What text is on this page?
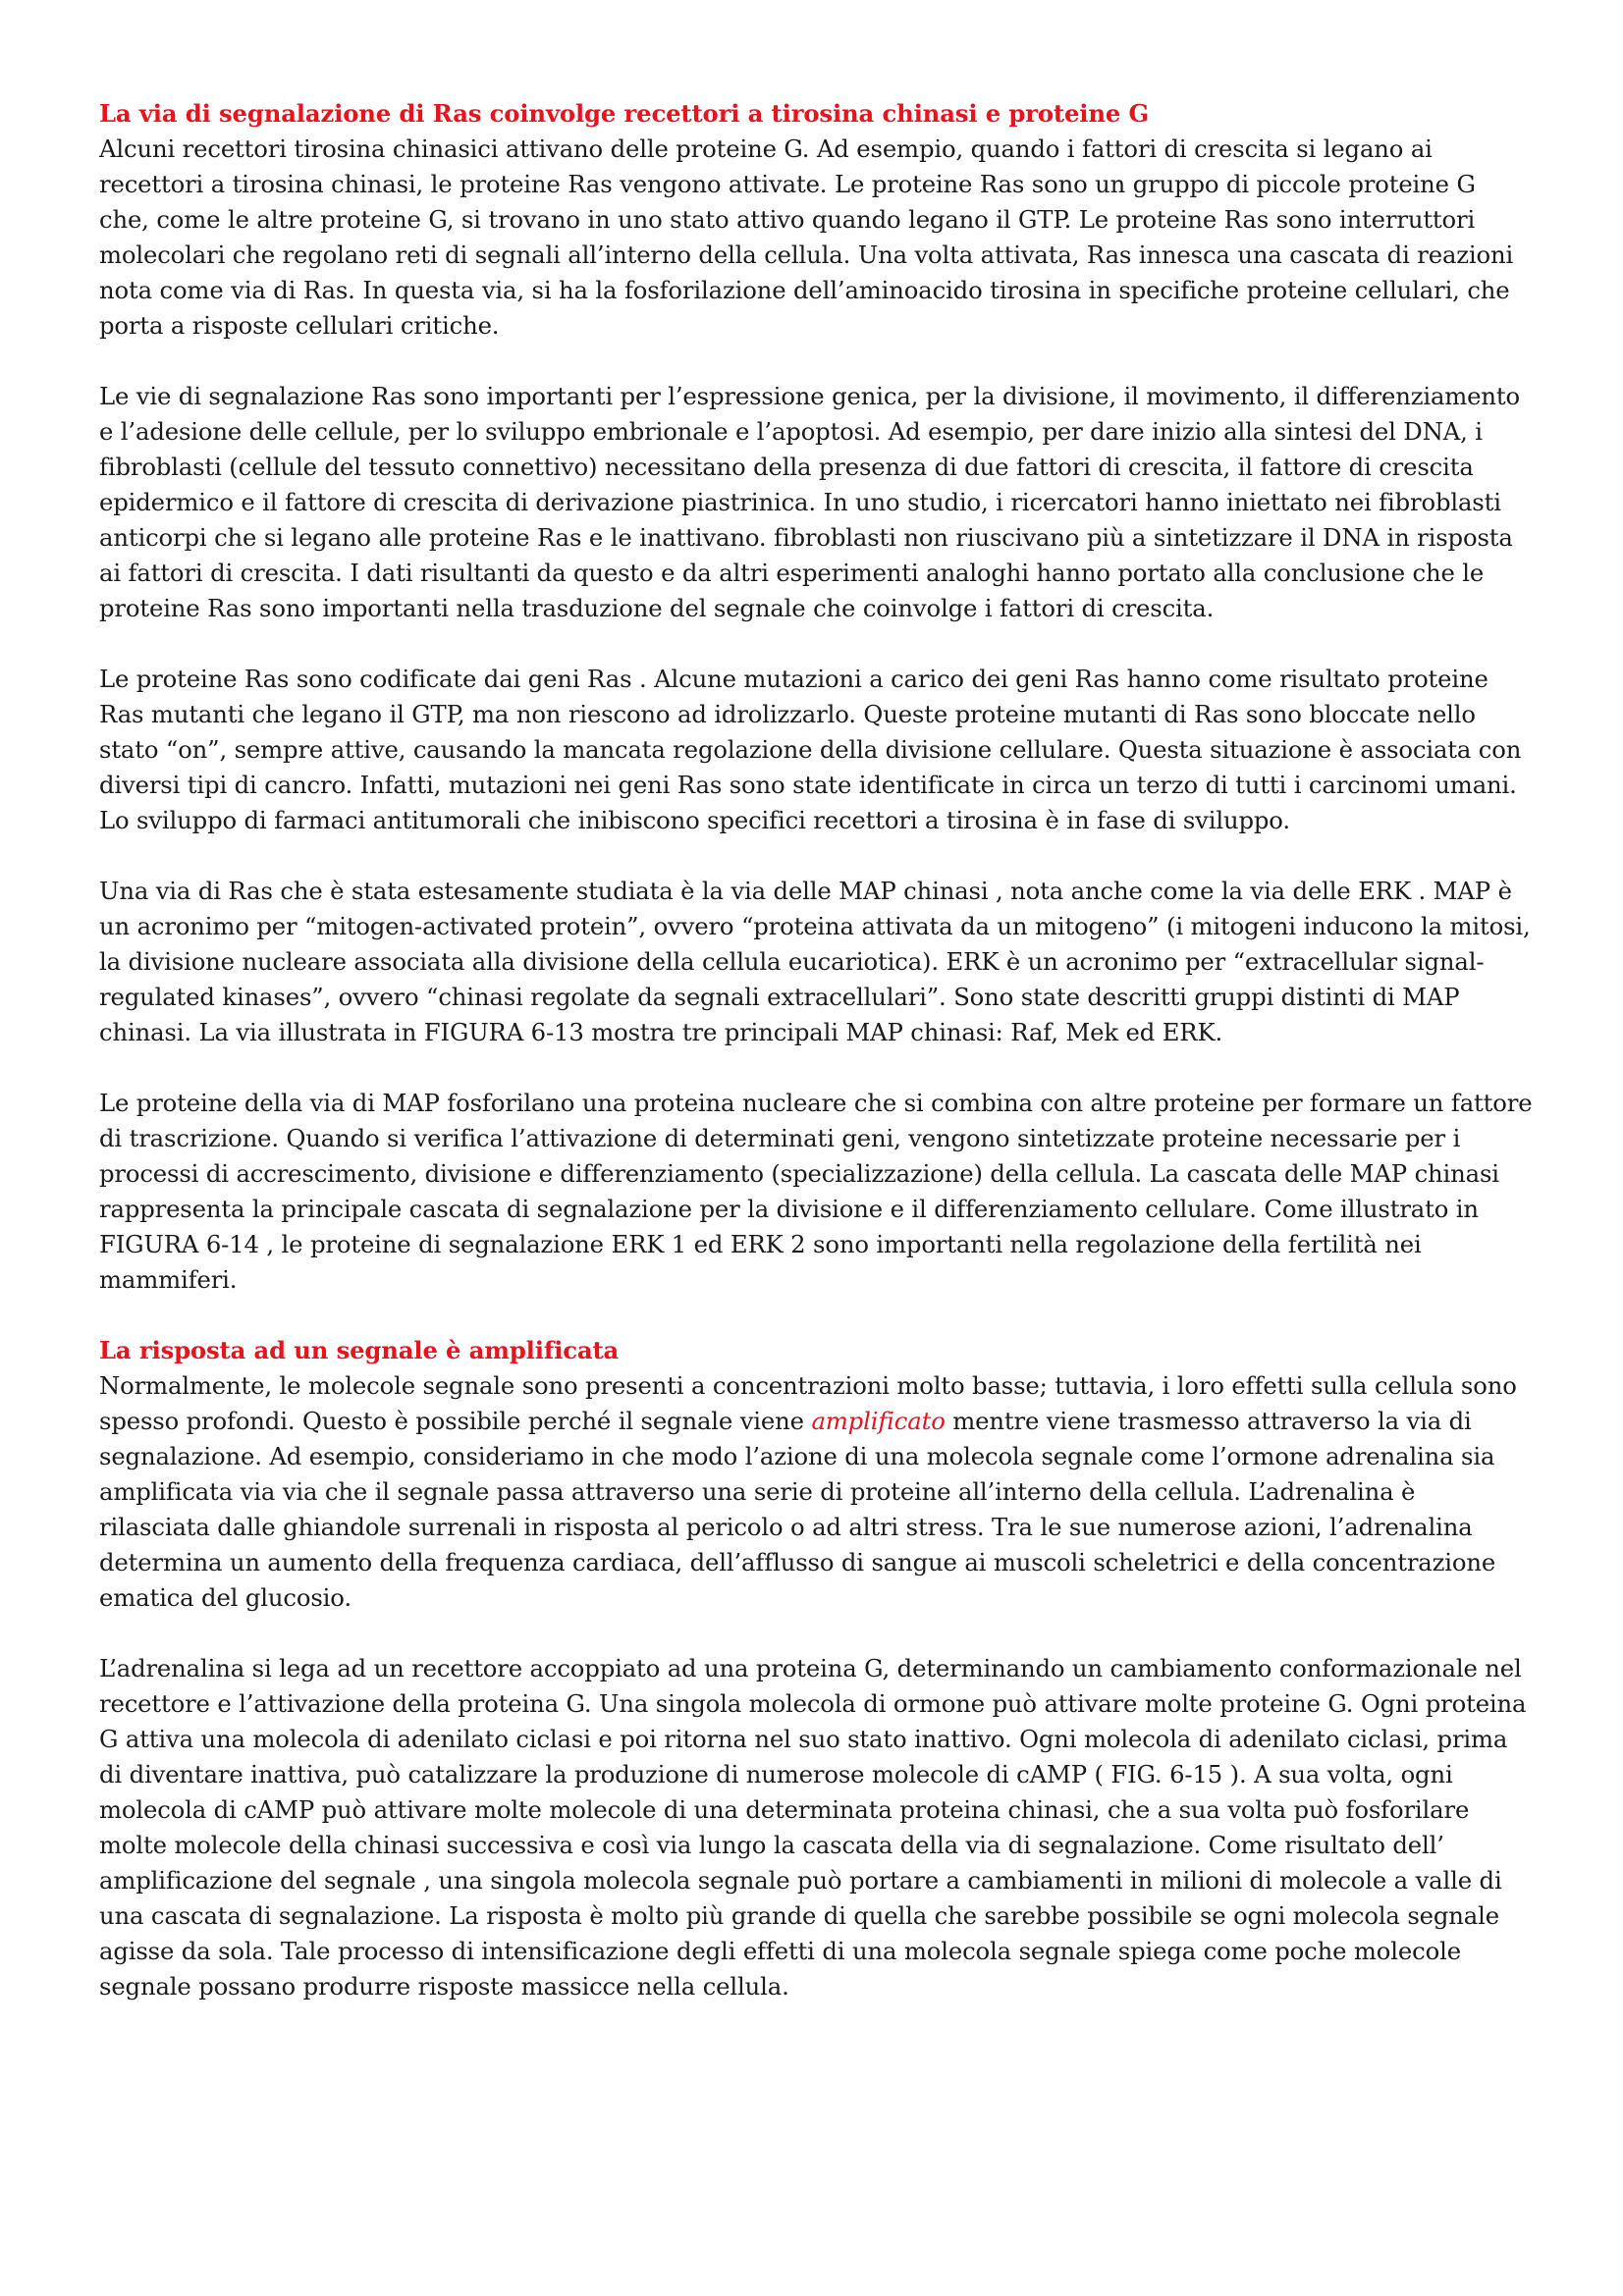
La via di segnalazione di Ras coinvolge recettori a tirosina chinasi e proteine G

Alcuni recettori tirosina chinasici attivano delle proteine G. Ad esempio, quando i fattori di crescita si legano ai recettori a tirosina chinasi, le proteine Ras vengono attivate. Le proteine Ras sono un gruppo di piccole proteine G che, come le altre proteine G, si trovano in uno stato attivo quando legano il GTP. Le proteine Ras sono interruttori molecolari che regolano reti di segnali all’interno della cellula. Una volta attivata, Ras innesca una cascata di reazioni nota come via di Ras. In questa via, si ha la fosforilazione dell’aminoacido tirosina in specifiche proteine cellulari, che porta a risposte cellulari critiche.

Le vie di segnalazione Ras sono importanti per l’espressione genica, per la divisione, il movimento, il differenziamento e l’adesione delle cellule, per lo sviluppo embrionale e l’apoptosi. Ad esempio, per dare inizio alla sintesi del DNA, i fibroblasti (cellule del tessuto connettivo) necessitano della presenza di due fattori di crescita, il fattore di crescita epidermico e il fattore di crescita di derivazione piastrinica. In uno studio, i ricercatori hanno iniettato nei fibroblasti anticorpi che si legano alle proteine Ras e le inattivano. fibroblasti non riuscivano più a sintetizzare il DNA in risposta ai fattori di crescita. I dati risultanti da questo e da altri esperimenti analoghi hanno portato alla conclusione che le proteine Ras sono importanti nella trasduzione del segnale che coinvolge i fattori di crescita.

Le proteine Ras sono codificate dai geni Ras . Alcune mutazioni a carico dei geni Ras hanno come risultato proteine Ras mutanti che legano il GTP, ma non riescono ad idrolizzarlo. Queste proteine mutanti di Ras sono bloccate nello stato “on”, sempre attive, causando la mancata regolazione della divisione cellulare. Questa situazione è associata con diversi tipi di cancro. Infatti, mutazioni nei geni Ras sono state identificate in circa un terzo di tutti i carcinomi umani. Lo sviluppo di farmaci antitumorali che inibiscono specifici recettori a tirosina è in fase di sviluppo.

Una via di Ras che è stata estesamente studiata è la via delle MAP chinasi , nota anche come la via delle ERK . MAP è un acronimo per “mitogen-activated protein”, ovvero “proteina attivata da un mitogeno” (i mitogeni inducono la mitosi, la divisione nucleare associata alla divisione della cellula eucariotica). ERK è un acronimo per “extracellular signal-regulated kinases”, ovvero “chinasi regolate da segnali extracellulari”. Sono state descritti gruppi distinti di MAP chinasi. La via illustrata in FIGURA 6-13 mostra tre principali MAP chinasi: Raf, Mek ed ERK.

Le proteine della via di MAP fosforilano una proteina nucleare che si combina con altre proteine per formare un fattore di trascrizione. Quando si verifica l’attivazione di determinati geni, vengono sintetizzate proteine necessarie per i processi di accrescimento, divisione e differenziamento (specializzazione) della cellula. La cascata delle MAP chinasi rappresenta la principale cascata di segnalazione per la divisione e il differenziamento cellulare. Come illustrato in FIGURA 6-14 , le proteine di segnalazione ERK 1 ed ERK 2 sono importanti nella regolazione della fertilità nei mammiferi.

La risposta ad un segnale è amplificata

Normalmente, le molecole segnale sono presenti a concentrazioni molto basse; tuttavia, i loro effetti sulla cellula sono spesso profondi. Questo è possibile perché il segnale viene amplificato mentre viene trasmesso attraverso la via di segnalazione. Ad esempio, consideriamo in che modo l’azione di una molecola segnale come l’ormone adrenalina sia amplificata via via che il segnale passa attraverso una serie di proteine all’interno della cellula. L’adrenalina è rilasciata dalle ghiandole surrenali in risposta al pericolo o ad altri stress. Tra le sue numerose azioni, l’adrenalina determina un aumento della frequenza cardiaca, dell’afflusso di sangue ai muscoli scheletrici e della concentrazione ematica del glucosio.

L’adrenalina si lega ad un recettore accoppiato ad una proteina G, determinando un cambiamento conformazionale nel recettore e l’attivazione della proteina G. Una singola molecola di ormone può attivare molte proteine G. Ogni proteina G attiva una molecola di adenilato ciclasi e poi ritorna nel suo stato inattivo. Ogni molecola di adenilato ciclasi, prima di diventare inattiva, può catalizzare la produzione di numerose molecole di cAMP ( FIG. 6-15 ). A sua volta, ogni molecola di cAMP può attivare molte molecole di una determinata proteina chinasi, che a sua volta può fosforilare molte molecole della chinasi successiva e così via lungo la cascata della via di segnalazione. Come risultato dell’ amplificazione del segnale , una singola molecola segnale può portare a cambiamenti in milioni di molecole a valle di una cascata di segnalazione. La risposta è molto più grande di quella che sarebbe possibile se ogni molecola segnale agisse da sola. Tale processo di intensificazione degli effetti di una molecola segnale spiega come poche molecole segnale possano produrre risposte massicce nella cellula.
